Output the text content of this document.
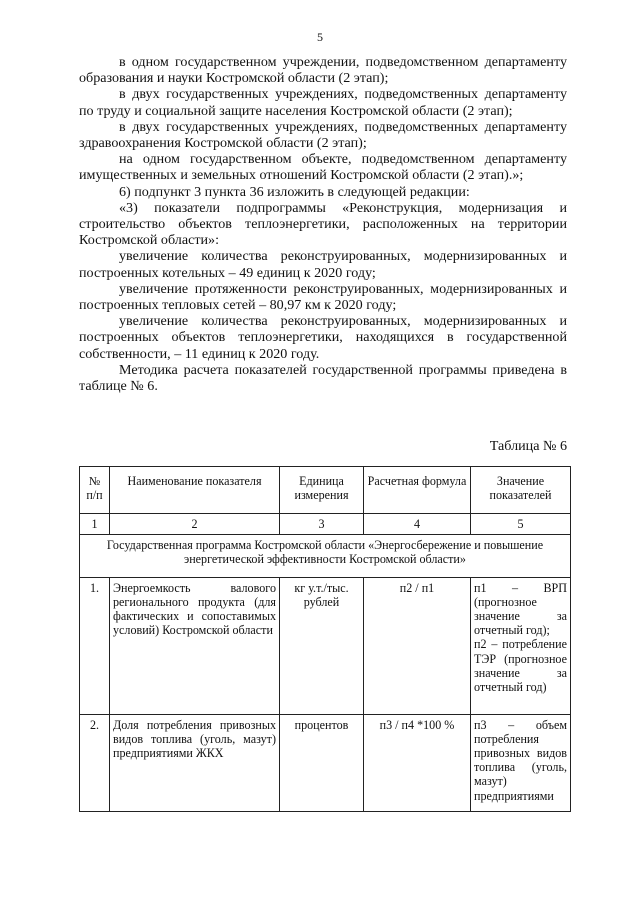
5

в одном государственном учреждении, подведомственном департаменту образования и науки Костромской области (2 этап);

в двух государственных учреждениях, подведомственных департаменту по труду и социальной защите населения Костромской области (2 этап);

в двух государственных учреждениях, подведомственных департаменту здравоохранения Костромской области (2 этап);

на одном государственном объекте, подведомственном департаменту имущественных и земельных отношений Костромской области (2 этап).»;

6) подпункт 3 пункта 36 изложить в следующей редакции:

«3) показатели подпрограммы «Реконструкция, модернизация и строительство объектов теплоэнергетики, расположенных на территории Костромской области»:

увеличение количества реконструированных, модернизированных и построенных котельных – 49 единиц к 2020 году;

увеличение протяженности реконструированных, модернизированных и построенных тепловых сетей – 80,97 км к 2020 году;

увеличение количества реконструированных, модернизированных и построенных объектов теплоэнергетики, находящихся в государственной собственности, – 11 единиц к 2020 году.

Методика расчета показателей государственной программы приведена в таблице № 6.

Таблица № 6
№ п/п	Наименование показателя	Единица измерения	Расчетная формула	Значение показателей
1	2	3	4	5
Государственная программа Костромской области «Энергосбережение и повышение энергетической эффективности Костромской области»				
1.	Энергоемкость валового регионального продукта (для фактических и сопоставимых условий) Костромской области	кг у.т./тыс. рублей	п2 / п1	п1 – ВРП (прогнозное значение за отчетный год);
п2 – потребление ТЭР (прогнозное значение за отчетный год)

2.	Доля потребления привозных видов топлива (уголь, мазут) предприятиями ЖКХ	процентов	п3 / п4 *100 %	п3 – объем потребления привозных видов топлива (уголь, мазут) предприятиями
